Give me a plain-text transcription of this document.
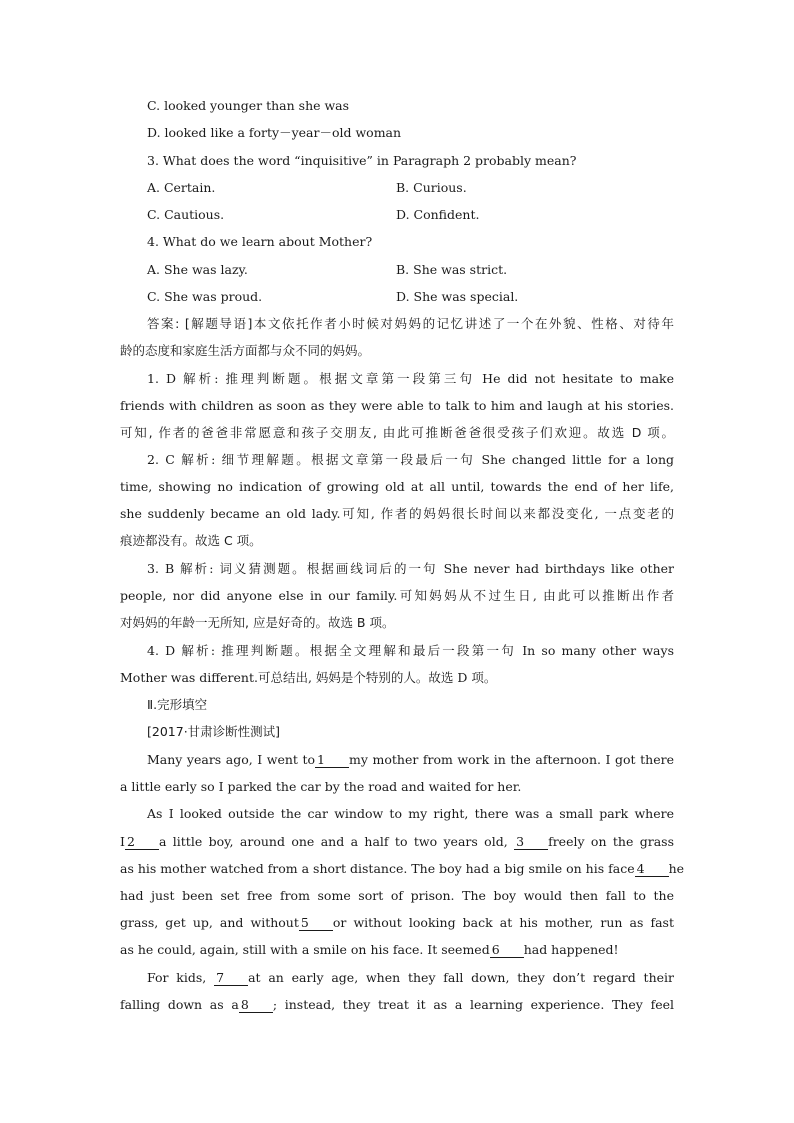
C. looked younger than she was
D. looked like a forty－year－old woman
3. What does the word “inquisitive” in Paragraph 2 probably mean?
A. Certain.	B. Curious.
C. Cautious.	D. Confident.
4. What do we learn about Mother?
A. She was lazy.	B. She was strict.
C. She was proud.	D. She was special.
答案: [解题导语]本文依托作者小时候对妈妈的记忆讲述了一个在外貌、性格、对待年
龄的态度和家庭生活方面都与众不同的妈妈。
1. D 解析: 推理判断题。根据文章第一段第三句 He did not hesitate to make
friends with children as soon as they were able to talk to him and laugh at his stories.
可知, 作者的爸爸非常愿意和孩子交朋友, 由此可推断爸爸很受孩子们欢迎。故选 D 项。
2. C 解析: 细节理解题。根据文章第一段最后一句 She changed little for a long
time, showing no indication of growing old at all until, towards the end of her life,
she suddenly became an old lady.可知, 作者的妈妈很长时间以来都没变化, 一点变老的
痕迹都没有。故选 C 项。
3. B 解析: 词义猜测题。根据画线词后的一句 She never had birthdays like other
people, nor did anyone else in our family.可知妈妈从不过生日, 由此可以推断出作者
对妈妈的年龄一无所知, 应是好奇的。故选 B 项。
4. D 解析: 推理判断题。根据全文理解和最后一段第一句 In so many other ways
Mother was different.可总结出, 妈妈是个特别的人。故选 D 项。
Ⅱ.完形填空
[2017·甘肃诊断性测试]
Many years ago, I went to 1 my mother from work in the afternoon. I got there
a little early so I parked the car by the road and waited for her.
As I looked outside the car window to my right, there was a small park where
I 2 a little boy, around one and a half to two years old, 3 freely on the grass
as his mother watched from a short distance. The boy had a big smile on his face 4 he
had just been set free from some sort of prison. The boy would then fall to the
grass, get up, and without 5 or without looking back at his mother, run as fast
as he could, again, still with a smile on his face. It seemed 6 had happened!
For kids, 7 at an early age, when they fall down, they don’t regard their
falling down as a 8 ; instead, they treat it as a learning experience. They feel
